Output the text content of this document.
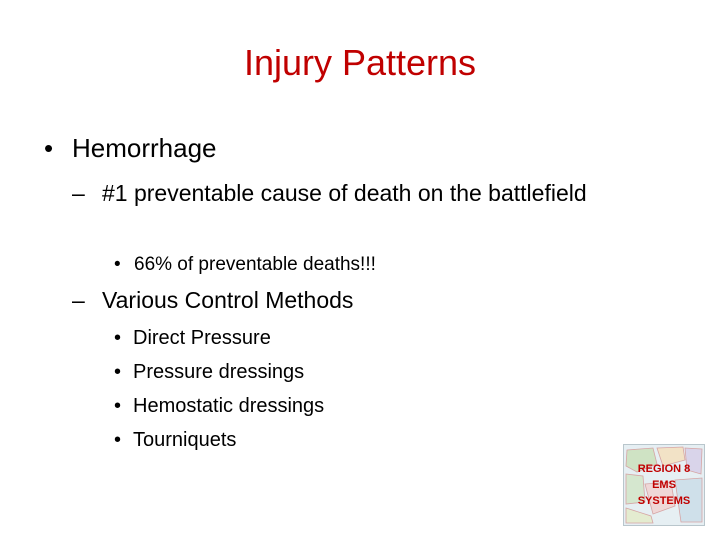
Injury Patterns
• Hemorrhage
– #1 preventable cause of death on the battlefield
• 66% of preventable deaths!!!
– Various Control Methods
• Direct Pressure
• Pressure dressings
• Hemostatic dressings
• Tourniquets
REGION 8
EMS
SYSTEMS
